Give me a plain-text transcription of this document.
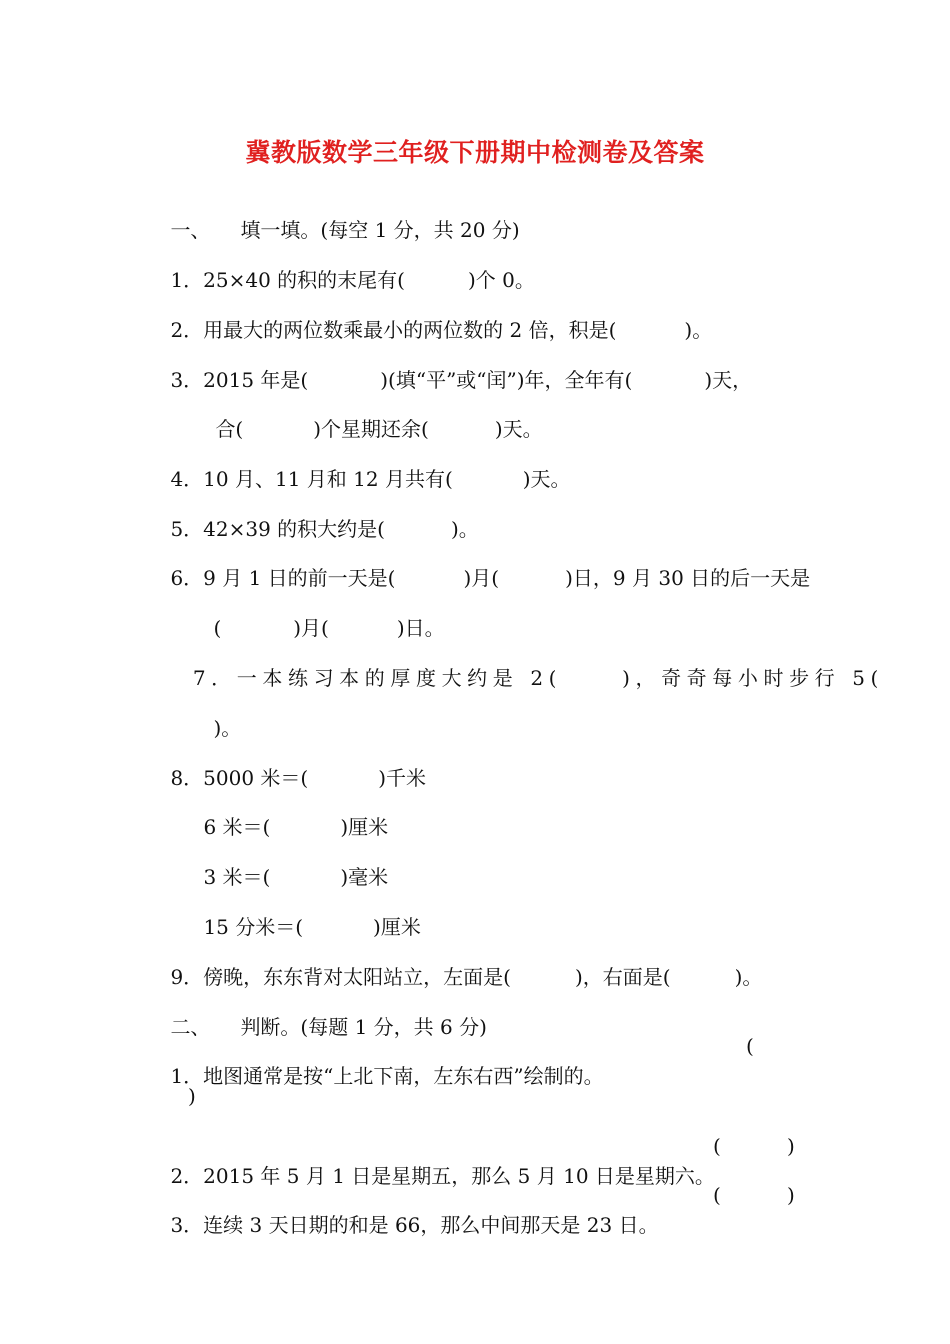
冀教版数学三年级下册期中检测卷及答案

一、 填一填。(每空 1 分，共 20 分)

1．25×40 的积的末尾有(	)个 0。

2．用最大的两位数乘最小的两位数的 2 倍，积是(	)。

3．2015 年是(	)(填“平”或“闰”)年，全年有(	)天，

合(	)个星期还余(	)天。

4．10 月、11 月和 12 月共有(	)天。

5．42×39 的积大约是(	)。

6．9 月 1 日的前一天是(	)月(	)日，9 月 30 日的后一天是

(	)月(	)日。

7．一本练习本的厚度大约是 2(	)，奇奇每小时步行 5(

)。

8．5000 米＝(	)千米

6 米＝(	)厘米

3 米＝(	)毫米

15 分米＝(	)厘米

9．傍晚，东东背对太阳站立，左面是(	)，右面是(	)。

二、 判断。(每题 1 分，共 6 分)

1．地图通常是按“上北下南，左东右西”绘制的。

(
)

2．2015 年 5 月 1 日是星期五，那么 5 月 10 日是星期六。

(	)

3．连续 3 天日期的和是 66，那么中间那天是 23 日。

(	)
